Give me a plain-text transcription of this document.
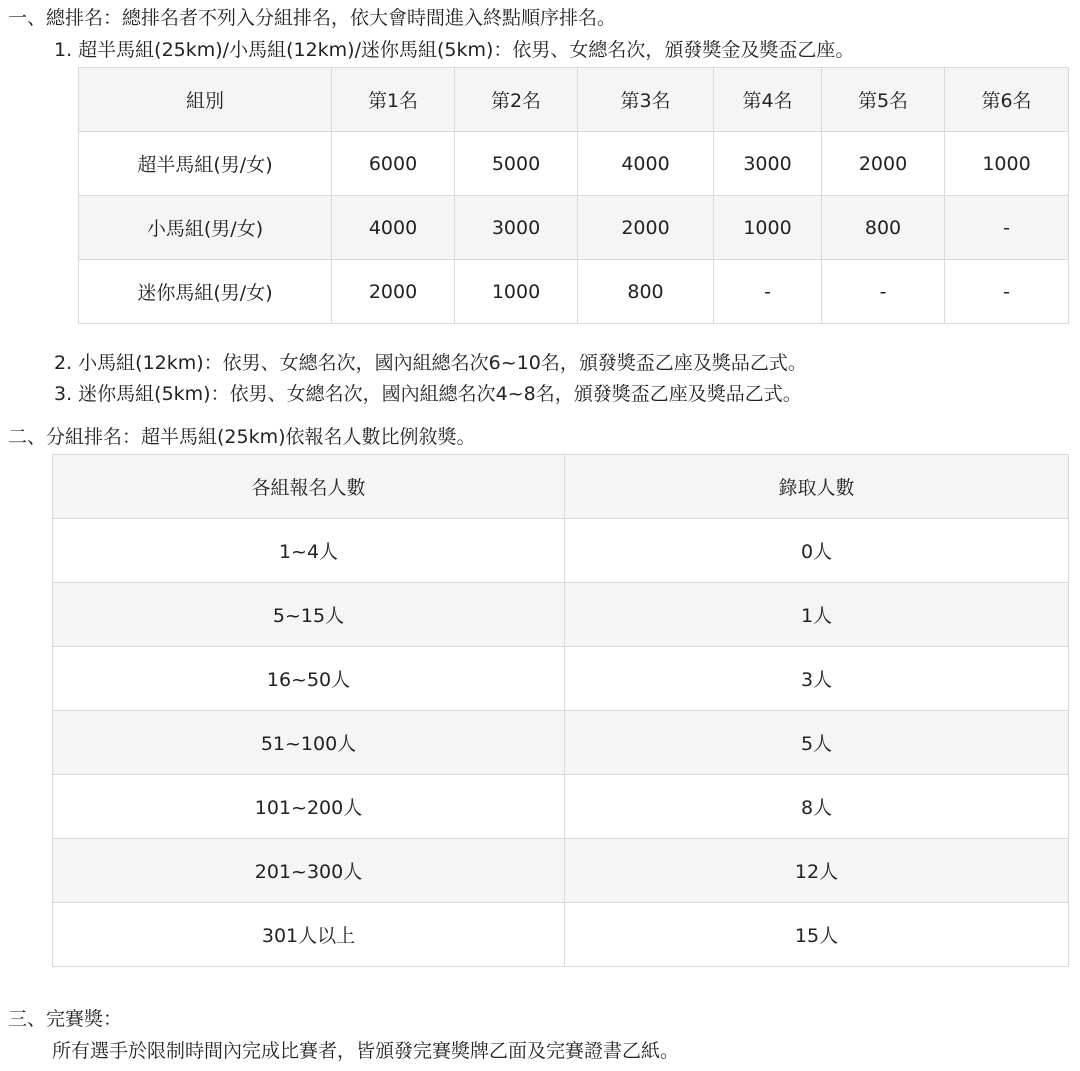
一、總排名：總排名者不列入分組排名，依大會時間進入終點順序排名。
1. 超半馬組(25km)/小馬組(12km)/迷你馬組(5km)：依男、女總名次，頒發獎金及獎盃乙座。
組別	第1名	第2名	第3名	第4名	第5名	第6名
超半馬組(男/女)	6000	5000	4000	3000	2000	1000
小馬組(男/女)	4000	3000	2000	1000	800	-
迷你馬組(男/女)	2000	1000	800	-	-	-
2. 小馬組(12km)：依男、女總名次，國內組總名次6~10名，頒發獎盃乙座及獎品乙式。
3. 迷你馬組(5km)：依男、女總名次，國內組總名次4~8名，頒發獎盃乙座及獎品乙式。
二、分組排名：超半馬組(25km)依報名人數比例敘獎。
各組報名人數	錄取人數
1~4人	0人
5~15人	1人
16~50人	3人
51~100人	5人
101~200人	8人
201~300人	12人
301人以上	15人
三、完賽獎：
所有選手於限制時間內完成比賽者，皆頒發完賽獎牌乙面及完賽證書乙紙。
